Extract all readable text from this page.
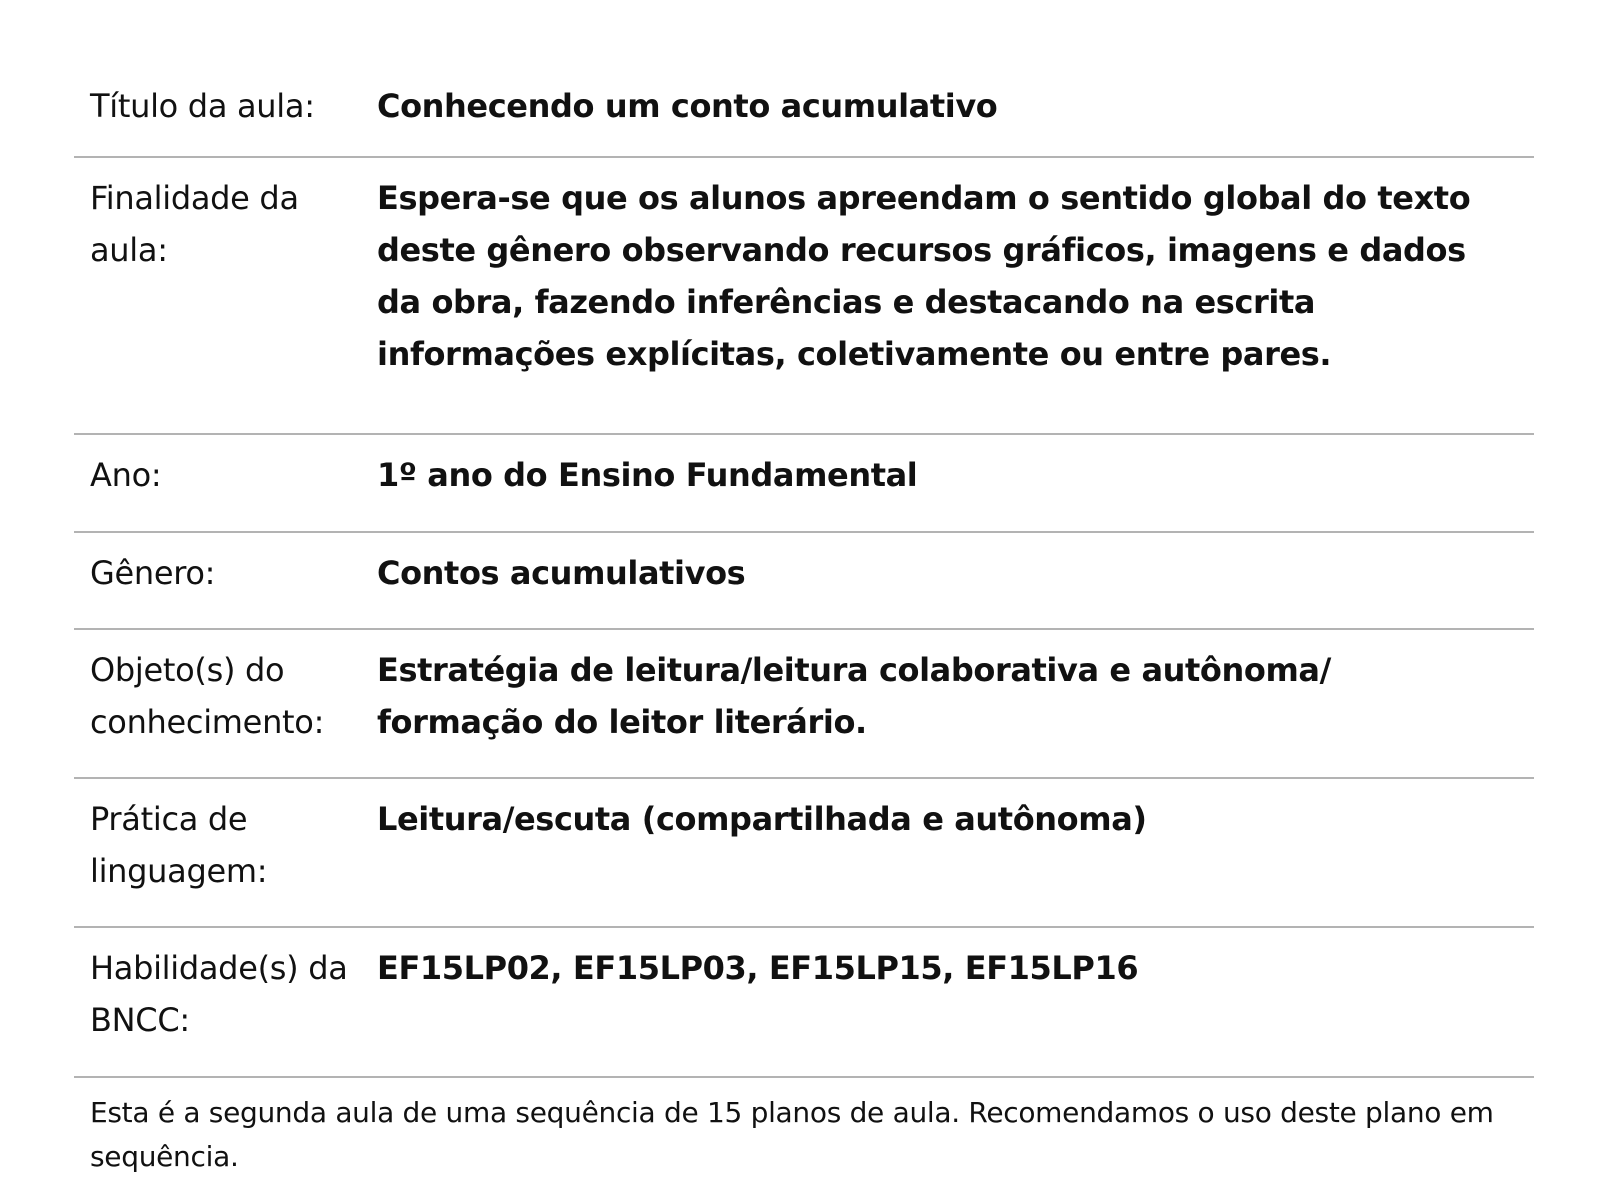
Título da aula:	Conhecendo um conto acumulativo
Finalidade da aula:
Espera-se que os alunos apreendam o sentido global do texto deste gênero observando recursos gráficos, imagens e dados da obra, fazendo inferências e destacando na escrita informações explícitas, coletivamente ou entre pares.
Ano:	1º ano do Ensino Fundamental
Gênero:	Contos acumulativos
Objeto(s) do conhecimento:
Estratégia de leitura/leitura colaborativa e autônoma/ formação do leitor literário.
Prática de linguagem:
Leitura/escuta (compartilhada e autônoma)
Habilidade(s) da BNCC:
EF15LP02, EF15LP03, EF15LP15, EF15LP16
Esta é a segunda aula de uma sequência de 15 planos de aula. Recomendamos o uso deste plano em sequência.
